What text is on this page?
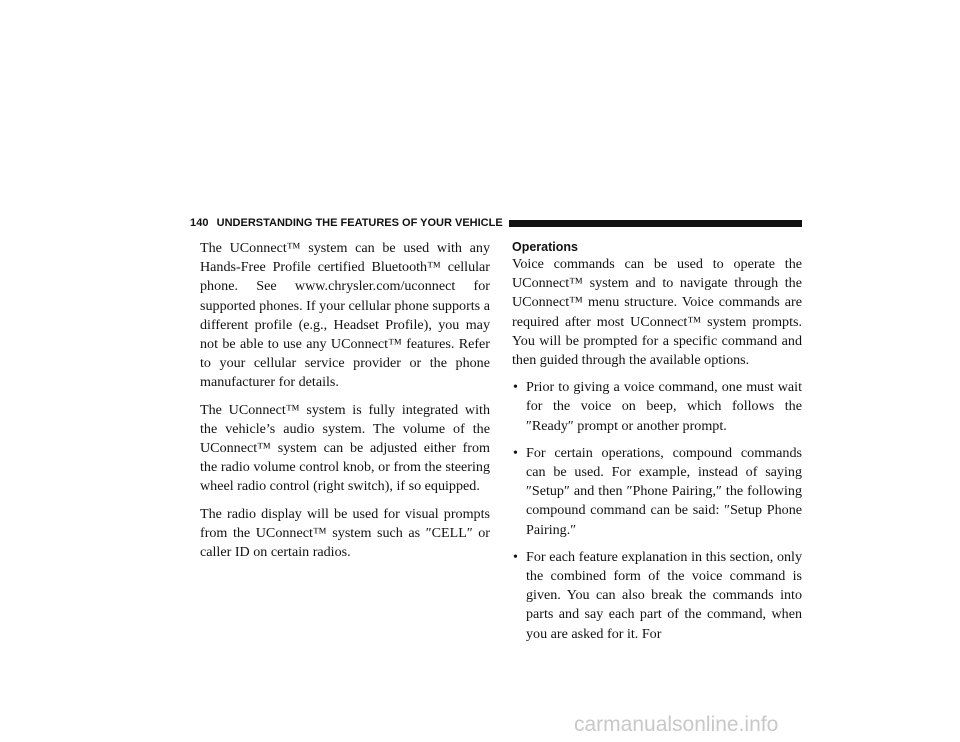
140 UNDERSTANDING THE FEATURES OF YOUR VEHICLE

The UConnect™ system can be used with any Hands-Free Profile certified Bluetooth™ cellular phone. See www.chrysler.com/uconnect for supported phones. If your cellular phone supports a different profile (e.g., Headset Profile), you may not be able to use any UConnect™ features. Refer to your cellular service provider or the phone manufacturer for details.

The UConnect™ system is fully integrated with the vehicle’s audio system. The volume of the UConnect™ system can be adjusted either from the radio volume control knob, or from the steering wheel radio control (right switch), if so equipped.

The radio display will be used for visual prompts from the UConnect™ system such as ″CELL″ or caller ID on certain radios.

Operations

Voice commands can be used to operate the UConnect™ system and to navigate through the UConnect™ menu structure. Voice commands are required after most UConnect™ system prompts. You will be prompted for a specific command and then guided through the available options.

• Prior to giving a voice command, one must wait for the voice on beep, which follows the ″Ready″ prompt or another prompt.
• For certain operations, compound commands can be used. For example, instead of saying ″Setup″ and then ″Phone Pairing,″ the following compound command can be said: ″Setup Phone Pairing.″
• For each feature explanation in this section, only the combined form of the voice command is given. You can also break the commands into parts and say each part of the command, when you are asked for it. For
carmanualsonline.info
